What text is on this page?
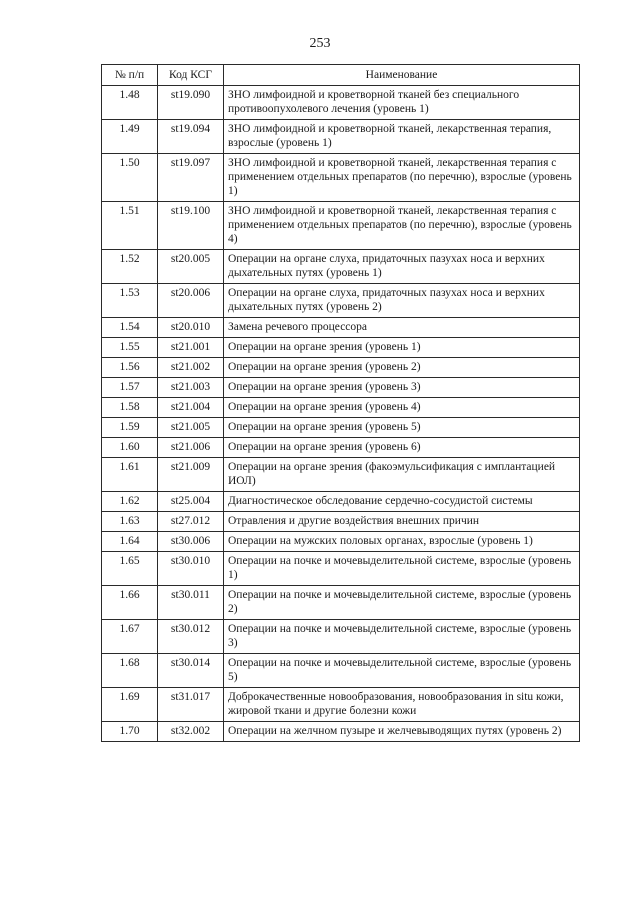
253
№ п/п	Код КСГ	Наименование
1.48	st19.090	ЗНО лимфоидной и кроветворной тканей без специального противоопухолевого лечения (уровень 1)
1.49	st19.094	ЗНО лимфоидной и кроветворной тканей, лекарственная терапия, взрослые (уровень 1)
1.50	st19.097	ЗНО лимфоидной и кроветворной тканей, лекарственная терапия с применением отдельных препаратов (по перечню), взрослые (уровень 1)
1.51	st19.100	ЗНО лимфоидной и кроветворной тканей, лекарственная терапия с применением отдельных препаратов (по перечню), взрослые (уровень 4)
1.52	st20.005	Операции на органе слуха, придаточных пазухах носа и верхних дыхательных путях (уровень 1)
1.53	st20.006	Операции на органе слуха, придаточных пазухах носа и верхних дыхательных путях (уровень 2)
1.54	st20.010	Замена речевого процессора
1.55	st21.001	Операции на органе зрения (уровень 1)
1.56	st21.002	Операции на органе зрения (уровень 2)
1.57	st21.003	Операции на органе зрения (уровень 3)
1.58	st21.004	Операции на органе зрения (уровень 4)
1.59	st21.005	Операции на органе зрения (уровень 5)
1.60	st21.006	Операции на органе зрения (уровень 6)
1.61	st21.009	Операции на органе зрения (факоэмульсификация с имплантацией ИОЛ)
1.62	st25.004	Диагностическое обследование сердечно-сосудистой системы
1.63	st27.012	Отравления и другие воздействия внешних причин
1.64	st30.006	Операции на мужских половых органах, взрослые (уровень 1)
1.65	st30.010	Операции на почке и мочевыделительной системе, взрослые (уровень 1)
1.66	st30.011	Операции на почке и мочевыделительной системе, взрослые (уровень 2)
1.67	st30.012	Операции на почке и мочевыделительной системе, взрослые (уровень 3)
1.68	st30.014	Операции на почке и мочевыделительной системе, взрослые (уровень 5)
1.69	st31.017	Доброкачественные новообразования, новообразования in situ кожи, жировой ткани и другие болезни кожи
1.70	st32.002	Операции на желчном пузыре и желчевыводящих путях (уровень 2)
